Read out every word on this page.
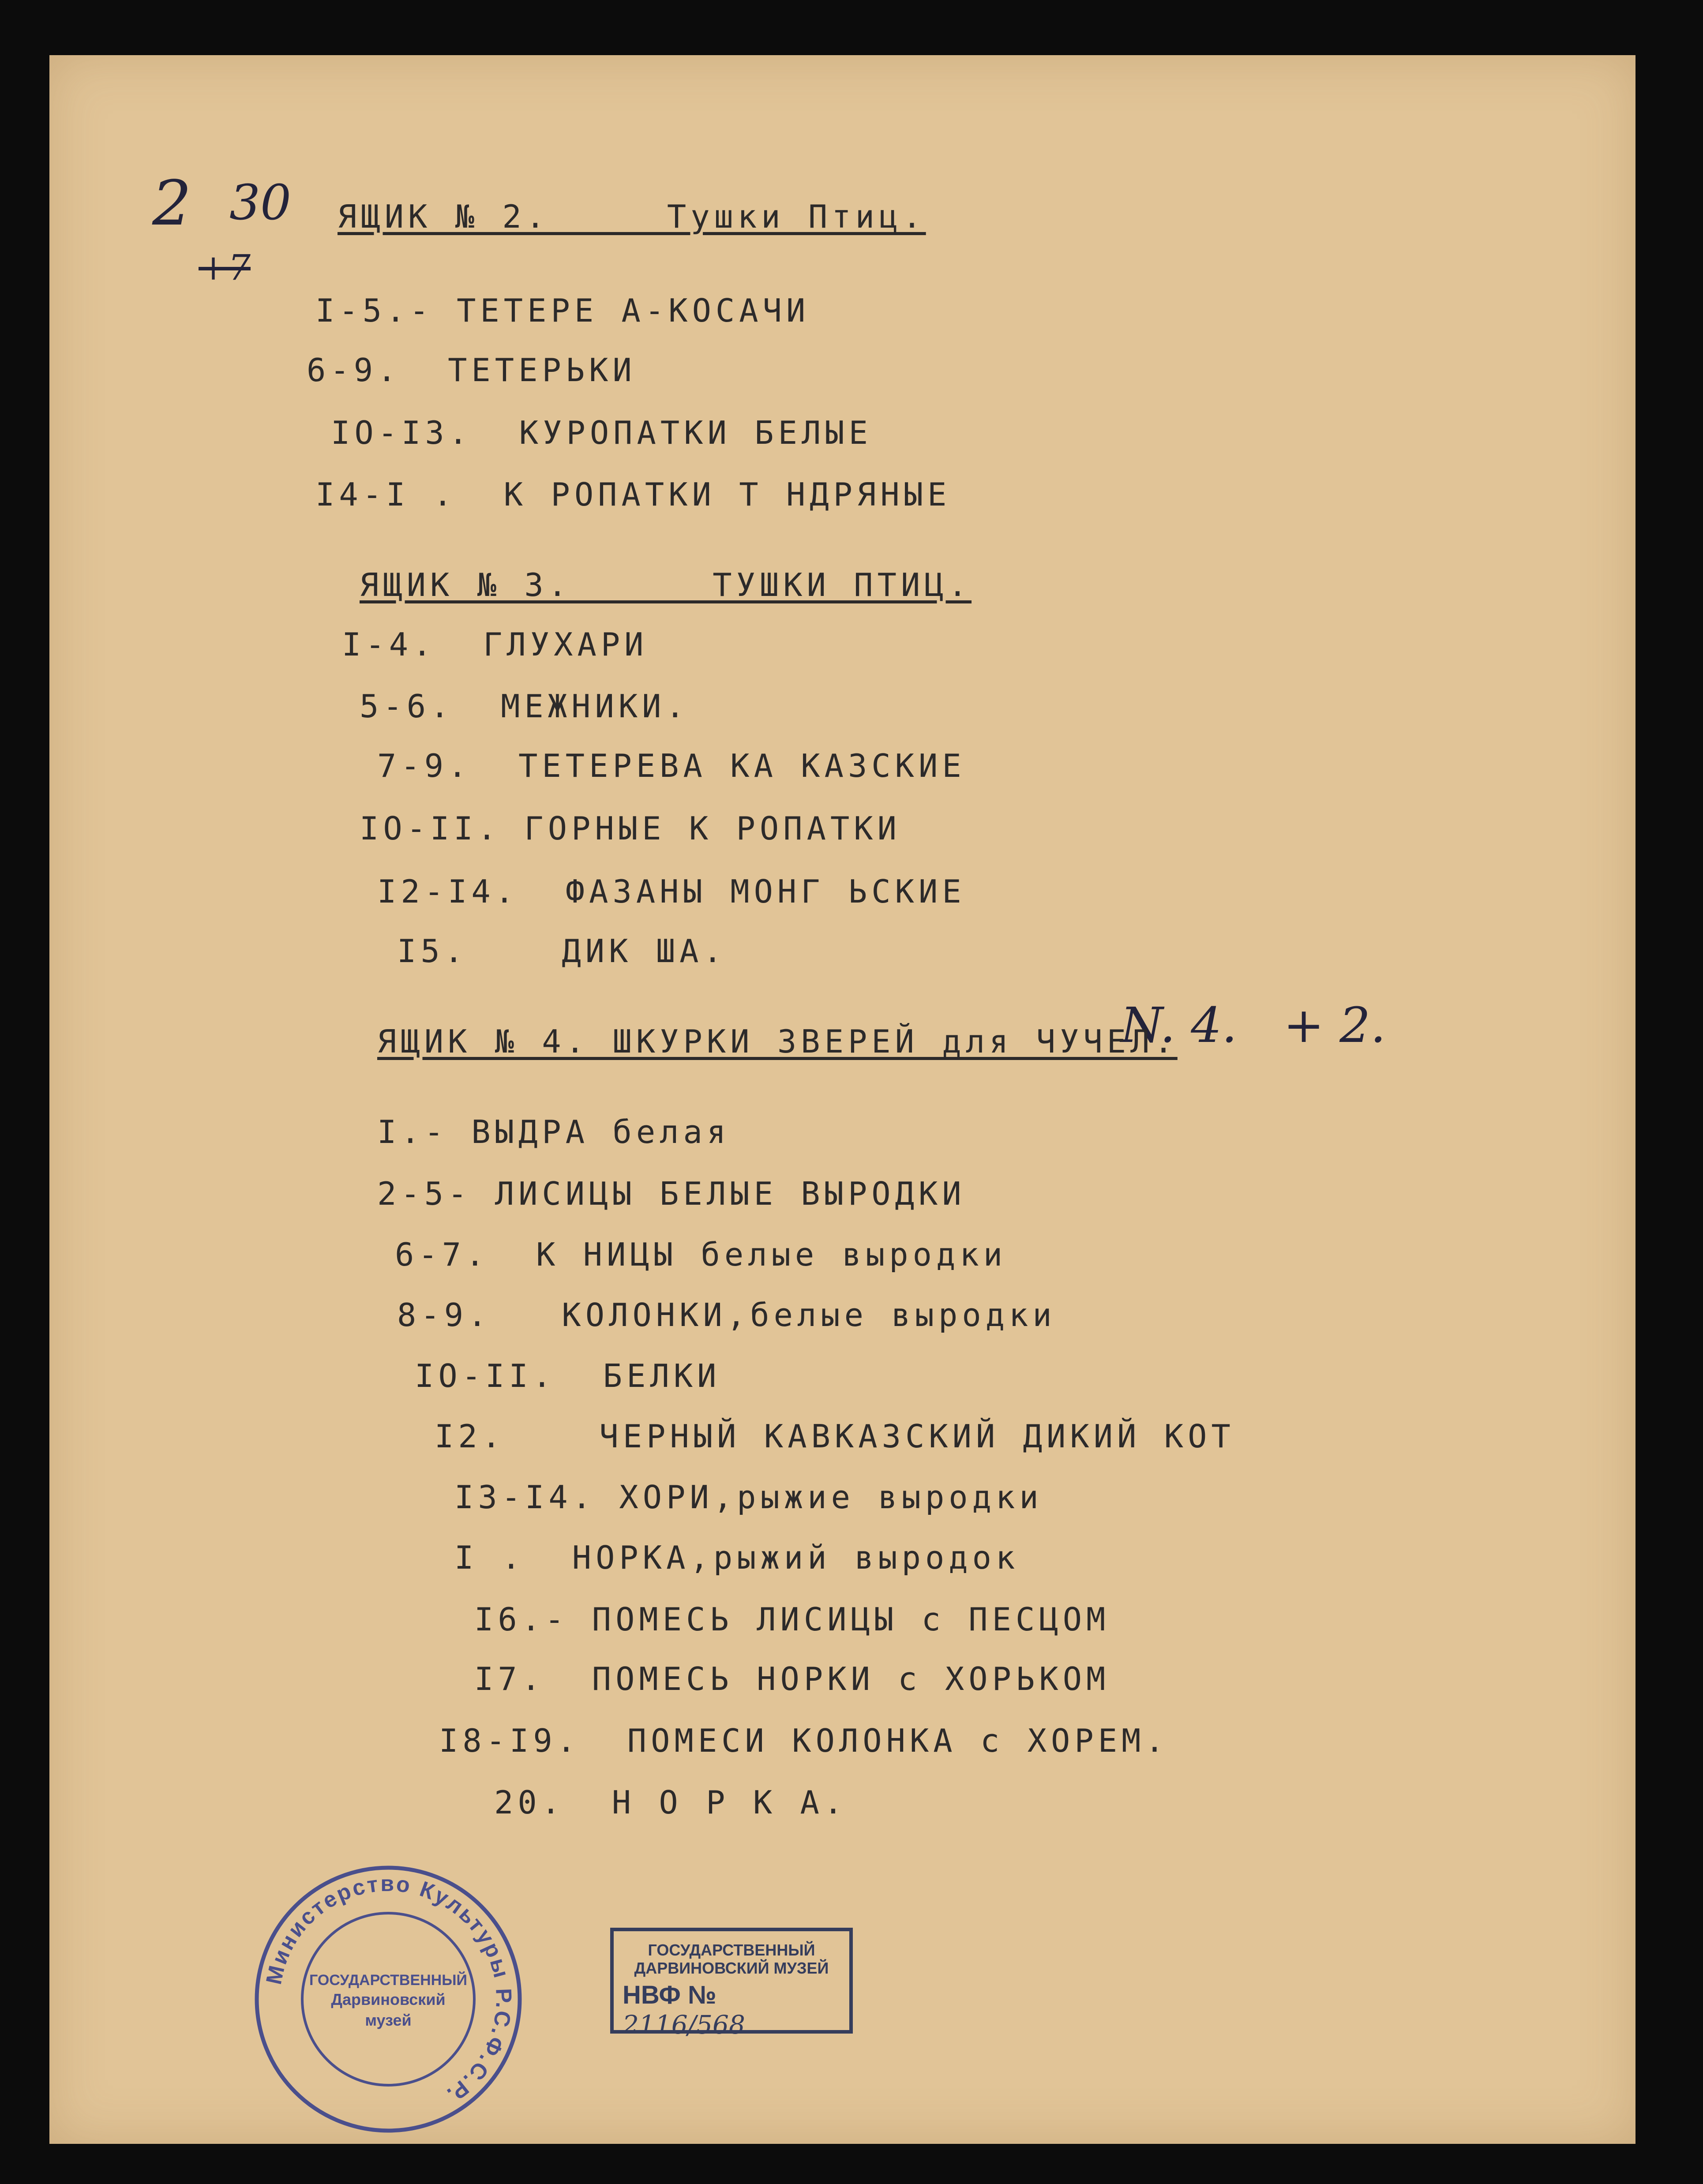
2 30
+7
N. 4.   + 2.
ЯЩИК № 2.     Тушки Птиц.
I-5.- ТЕТЕРЕ А-КОСАЧИ
6-9.  ТЕТЕРЬКИ
IO-I3.  КУРОПАТКИ БЕЛЫЕ
I4-I .  К РОПАТКИ Т НДРЯНЫЕ
ЯЩИК № 3.      ТУШКИ ПТИЦ.
I-4.  ГЛУХАРИ
5-6.  МЕЖНИКИ.
7-9.  ТЕТЕРЕВА КА КАЗСКИЕ
IO-II. ГОРНЫЕ К РОПАТКИ
I2-I4.  ФАЗАНЫ МОНГ ЬСКИЕ
I5.    ДИК ША.
ЯЩИК № 4. ШКУРКИ ЗВЕРЕЙ для ЧУЧЕЛ.
I.- ВЫДРА белая
2-5- ЛИСИЦЫ БЕЛЫЕ ВЫРОДКИ
6-7.  К НИЦЫ белые выродки
8-9.   КОЛОНКИ,белые выродки
IO-II.  БЕЛКИ
I2.    ЧЕРНЫЙ КАВКАЗСКИЙ ДИКИЙ КОТ
I3-I4. ХОРИ,рыжие выродки
I .  НОРКА,рыжий выродок
I6.- ПОМЕСЬ ЛИСИЦЫ с ПЕСЦОМ
I7.  ПОМЕСЬ НОРКИ с ХОРЬКОМ
I8-I9.  ПОМЕСИ КОЛОНКА с ХОРЕМ.
20.  Н О Р К А.
Министерство Культуры Р.С.Ф.С.Р.
ГОСУДАРСТВЕННЫЙ
Дарвиновский
музей
ГОСУДАРСТВЕННЫЙ
ДАРВИНОВСКИЙ МУЗЕЙ
НВФ № 2116/568
